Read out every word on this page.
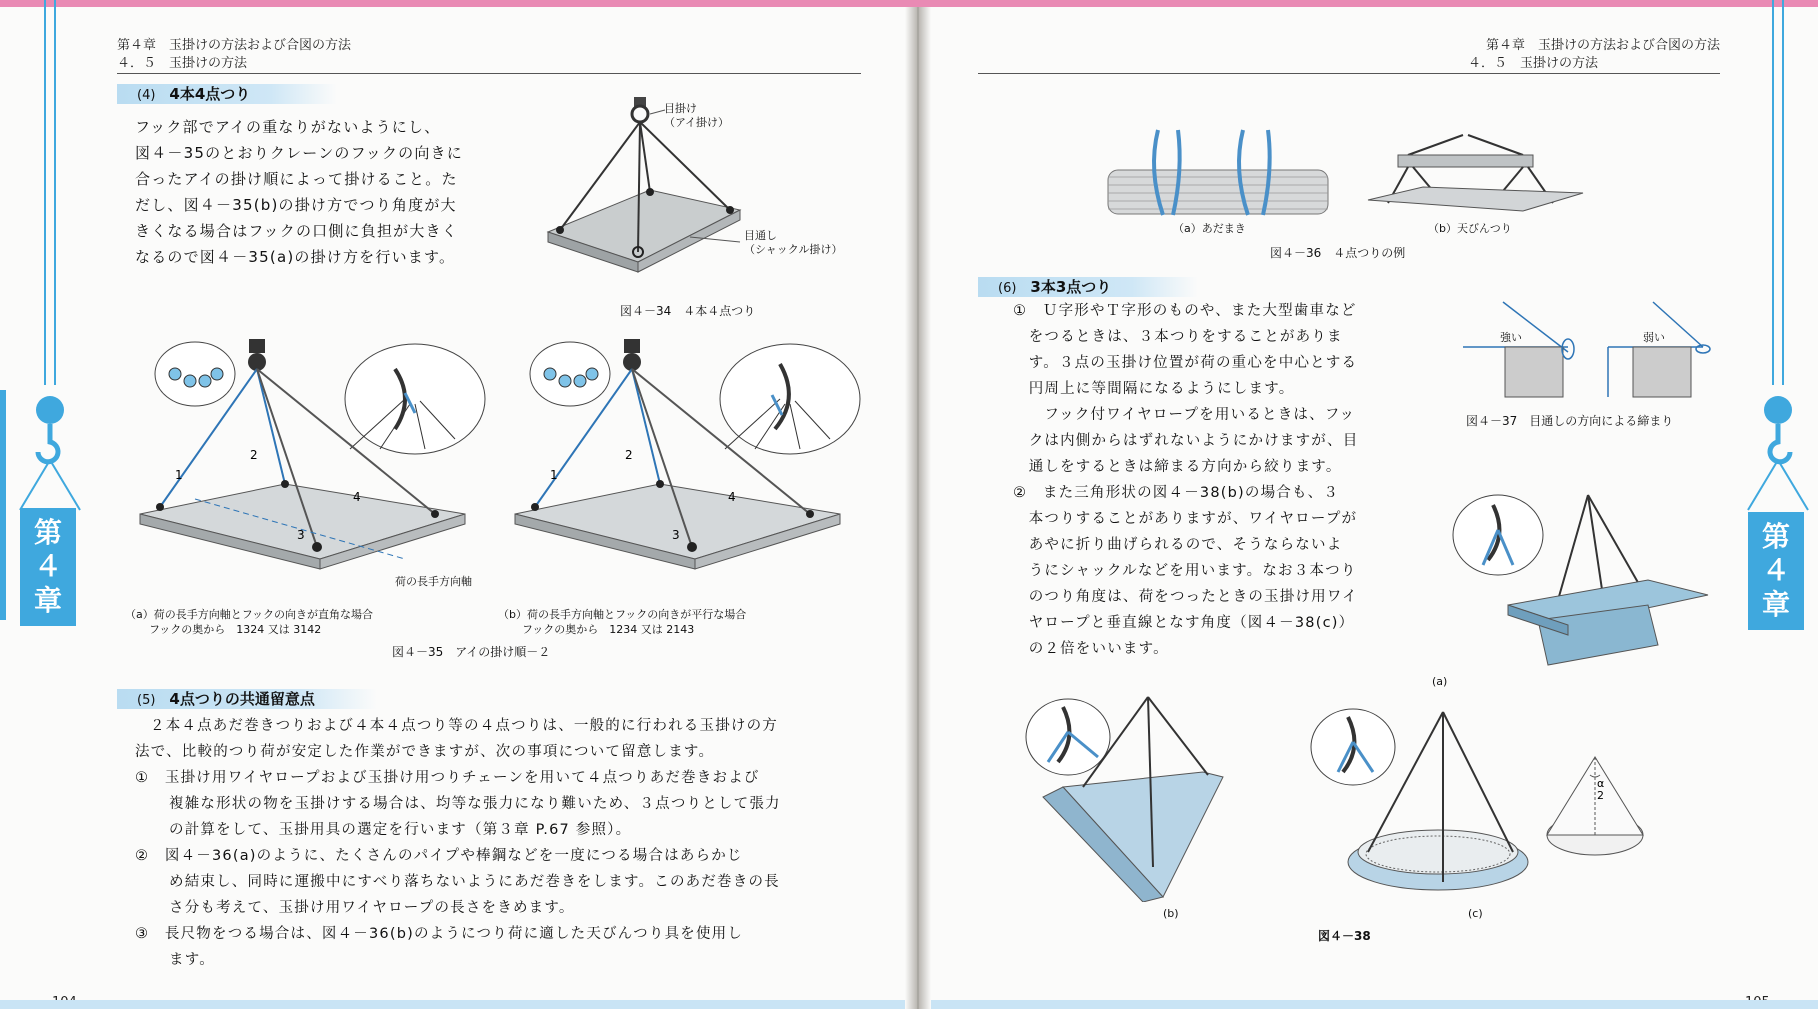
第４章　玉掛けの方法および合図の方法
４．５　玉掛けの方法
(4) 4本4点つり
フック部でアイの重なりがないようにし、
図４－35のとおりクレーンのフックの向きに
合ったアイの掛け順によって掛けること。た
だし、図４－35(b)の掛け方でつり角度が大
きくなる場合はフックの口側に負担が大きく
なるので図４－35(a)の掛け方を行います。
目掛け
（アイ掛け）
目通し
（シャックル掛け）
図４－34　４本４点つり
1
2
3
4
荷の長手方向軸
1
2
3
4
（a）荷の長手方向軸とフックの向きが直角な場合
フックの奥から　1324 又は 3142
（b）荷の長手方向軸とフックの向きが平行な場合
フックの奥から　1234 又は 2143
図４－35　アイの掛け順－２
(5) 4点つりの共通留意点
２本４点あだ巻きつりおよび４本４点つり等の４点つりは、一般的に行われる玉掛けの方
法で、比較的つり荷が安定した作業ができますが、次の事項について留意します。
①　玉掛け用ワイヤロープおよび玉掛け用つりチェーンを用いて４点つりあだ巻きおよび
複雑な形状の物を玉掛けする場合は、均等な張力になり難いため、３点つりとして張力
の計算をして、玉掛用具の選定を行います（第３章 P.67 参照）。
②　図４－36(a)のように、たくさんのパイプや棒鋼などを一度につる場合はあらかじ
め結束し、同時に運搬中にすべり落ちないようにあだ巻きをします。このあだ巻きの長
さ分も考えて、玉掛け用ワイヤロープの長さをきめます。
③　長尺物をつる場合は、図４－36(b)のようにつり荷に適した天びんつり具を使用し
ます。
第
４
章
第４章　玉掛けの方法および合図の方法
４．５　玉掛けの方法
（a）あだまき	（b）天びんつり
図４－36　４点つりの例
(6) 3本3点つり
①　Ｕ字形やＴ字形のものや、また大型歯車など
　をつるときは、３本つりをすることがありま
　す。３点の玉掛け位置が荷の重心を中心とする
　円周上に等間隔になるようにします。
　　フック付ワイヤロープを用いるときは、フッ
　クは内側からはずれないようにかけますが、目
　通しをするときは締まる方向から絞ります。
②　また三角形状の図４－38(b)の場合も、３
　本つりすることがありますが、ワイヤロープが
　あやに折り曲げられるので、そうならないよ
　うにシャックルなどを用います。なお３本つり
　のつり角度は、荷をつったときの玉掛け用ワイ
　ヤロープと垂直線となす角度（図４－38(c)）
　の２倍をいいます。
強い	弱い
図４－37　目通しの方向による締まり
α
2
(a)
(b)	(c)
図４－38
第
４
章
